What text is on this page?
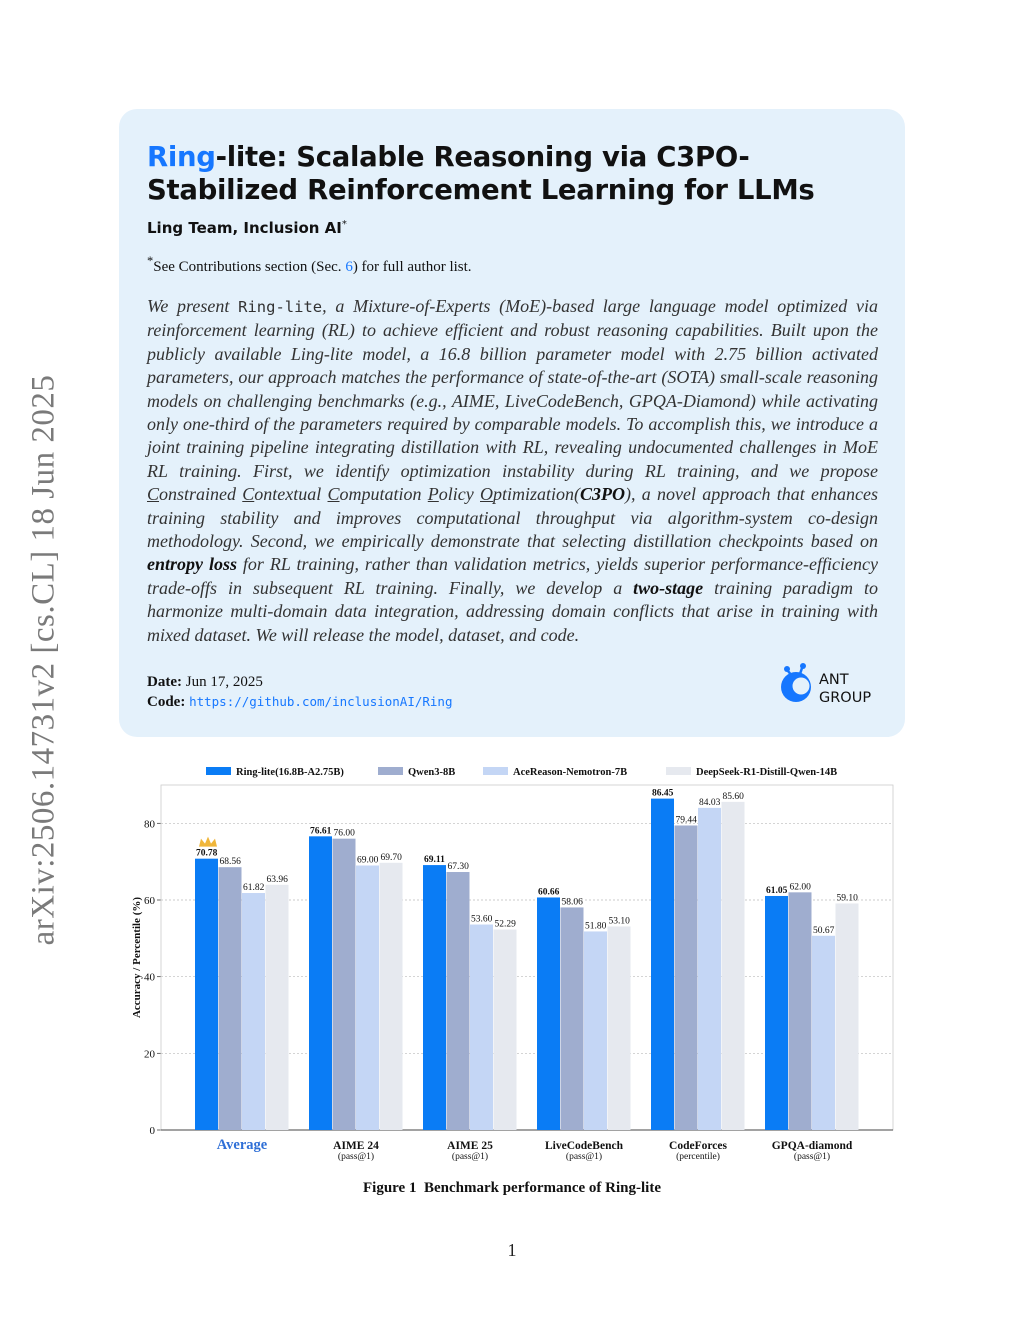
arXiv:2506.14731v2 [cs.CL] 18 Jun 2025
Ring-lite: Scalable Reasoning via C3PO-Stabilized Reinforcement Learning for LLMs
Ling Team, Inclusion AI*
*See Contributions section (Sec. 6) for full author list.

We present Ring-lite, a Mixture-of-Experts (MoE)-based large language model optimized via reinforcement learning (RL) to achieve efficient and robust reasoning capabilities. Built upon the publicly available Ling-lite model, a 16.8 billion parameter model with 2.75 billion activated parameters, our approach matches the performance of state-of-the-art (SOTA) small-scale reasoning models on challenging benchmarks (e.g., AIME, LiveCodeBench, GPQA-Diamond) while activating only one-third of the parameters required by comparable models. To accomplish this, we introduce a joint training pipeline integrating distillation with RL, revealing undocumented challenges in MoE RL training. First, we identify optimization instability during RL training, and we propose Constrained Contextual Computation Policy Optimization(C3PO), a novel approach that enhances training stability and improves computational throughput via algorithm-system co-design methodology. Second, we empirically demonstrate that selecting distillation checkpoints based on entropy loss for RL training, rather than validation metrics, yields superior performance-efficiency trade-offs in subsequent RL training. Finally, we develop a two-stage training paradigm to harmonize multi-domain data integration, addressing domain conflicts that arise in training with mixed dataset. We will release the model, dataset, and code.

Date: Jun 17, 2025
Code: https://github.com/inclusionAI/Ring
ANT
GROUP
Ring-lite(16.8B-A2.75B)	Qwen3-8B	AceReason-Nemotron-7B	DeepSeek-R1-Distill-Qwen-14B
0
20
40
60
80
Accuracy / Percentile (%)
70.78
68.56
61.82
63.96
Average
76.61 76.00
69.00 69.70
AIME 24
(pass@1)
69.11
67.30
53.60
52.29
AIME 25
(pass@1)
60.66
58.06
51.80 53.10
LiveCodeBench
(pass@1)
86.45
79.44
84.03
85.60
CodeForces
(percentile)
61.05 62.00
50.67
59.10
GPQA-diamond
(pass@1)
Figure 1 Benchmark performance of Ring-lite
1
